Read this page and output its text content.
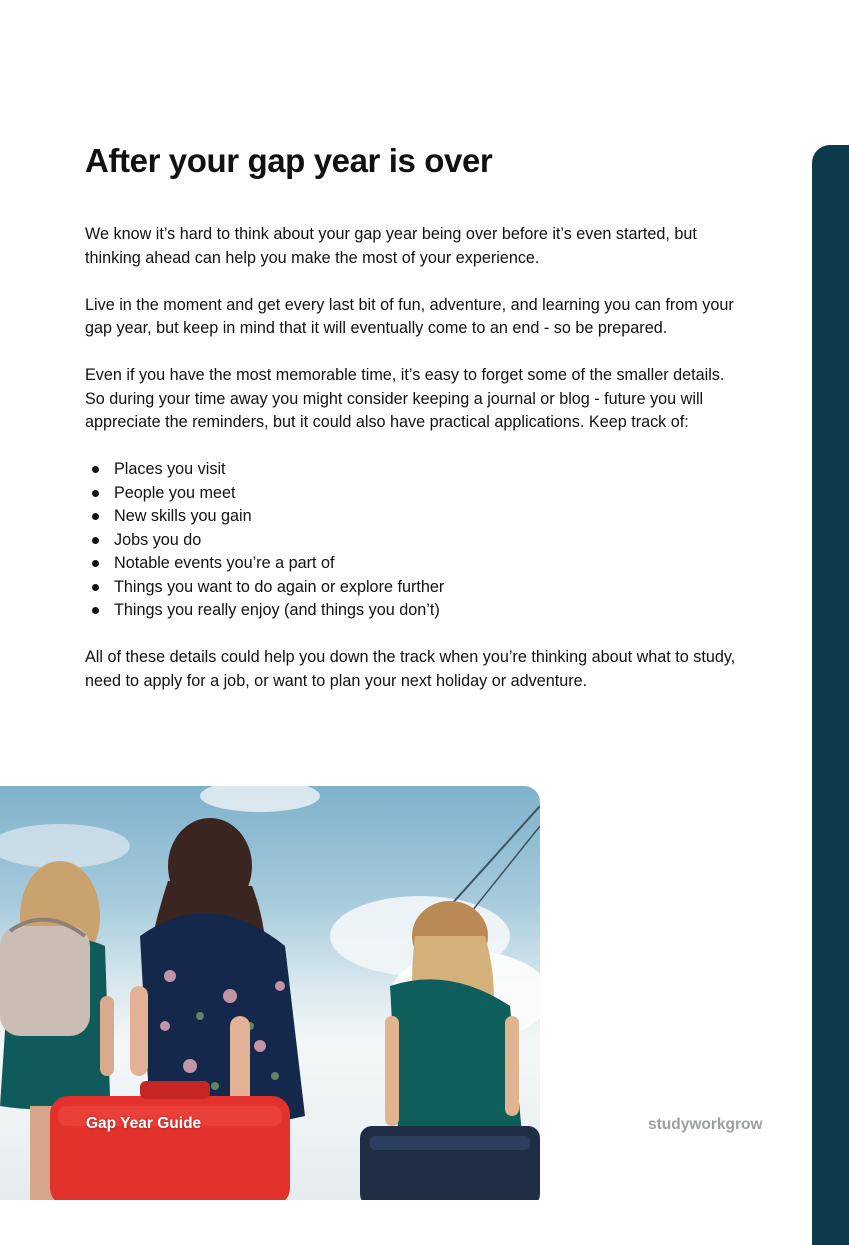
After your gap year is over

We know it’s hard to think about your gap year being over before it’s even started, but thinking ahead can help you make the most of your experience.

Live in the moment and get every last bit of fun, adventure, and learning you can from your gap year, but keep in mind that it will eventually come to an end - so be prepared.

Even if you have the most memorable time, it’s easy to forget some of the smaller details. So during your time away you might consider keeping a journal or blog - future you will appreciate the reminders, but it could also have practical applications. Keep track of:

Places you visit
People you meet
New skills you gain
Jobs you do
Notable events you’re a part of
Things you want to do again or explore further
Things you really enjoy (and things you don’t)

All of these details could help you down the track when you’re thinking about what to study, need to apply for a job, or want to plan your next holiday or adventure.

Gap Year Guide	studyworkgrow
